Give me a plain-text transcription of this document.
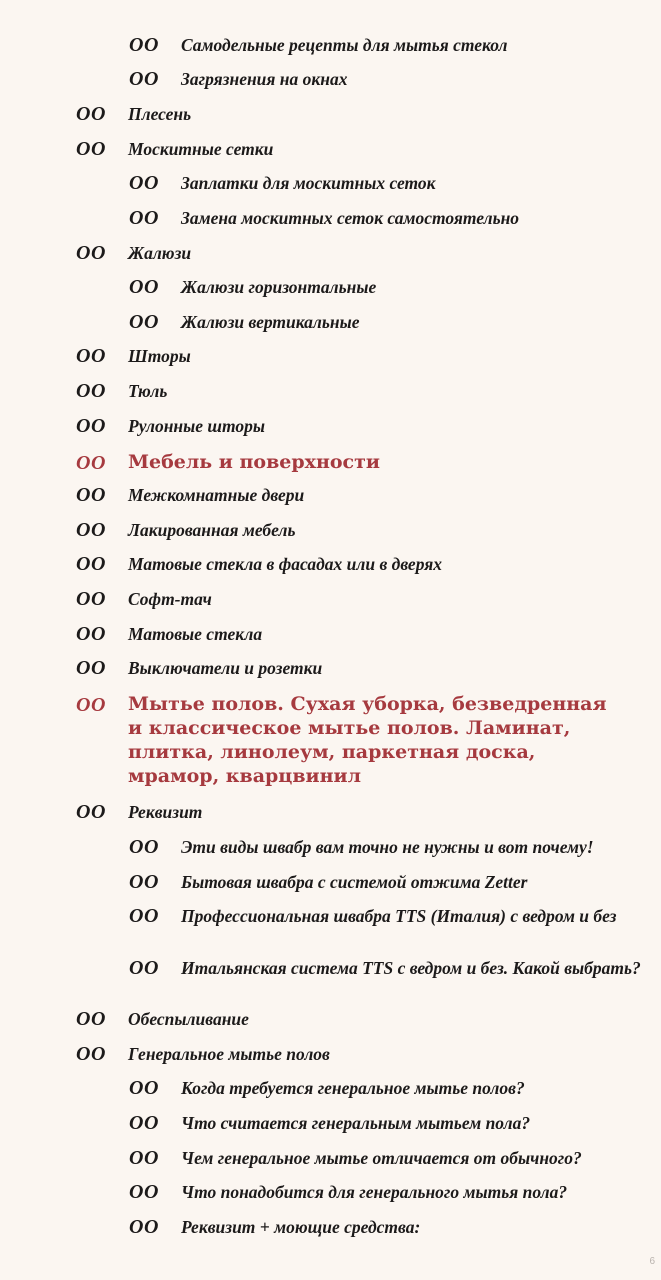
OO	Самодельные рецепты для мытья стекол
OO	Загрязнения на окнах
OO	Плесень
OO	Москитные сетки
OO	Заплатки для москитных сеток
OO	Замена москитных сеток самостоятельно
OO	Жалюзи
OO	Жалюзи горизонтальные
OO	Жалюзи вертикальные
OO	Шторы
OO	Тюль
OO	Рулонные шторы
OO	Мебель и поверхности
OO	Межкомнатные двери
OO	Лакированная мебель
OO	Матовые стекла в фасадах или в дверях
OO	Софт-тач
OO	Матовые стекла
OO	Выключатели и розетки
OO	Мытье полов. Сухая уборка, безведренная и классическое мытье полов. Ламинат, плитка, линолеум, паркетная доска, мрамор, кварцвинил
OO	Реквизит
OO	Эти виды швабр вам точно не нужны и вот почему!
OO	Бытовая швабра с системой отжима Zetter
OO	Профессиональная швабра TTS (Италия) с ведром и без
OO	Итальянская система TTS с ведром и без. Какой выбрать?
OO	Обеспыливание
OO	Генеральное мытье полов
OO	Когда требуется генеральное мытье полов?
OO	Что считается генеральным мытьем пола?
OO	Чем генеральное мытье отличается от обычного?
OO	Что понадобится для генерального мытья пола?
OO	Реквизит + моющие средства:
6
